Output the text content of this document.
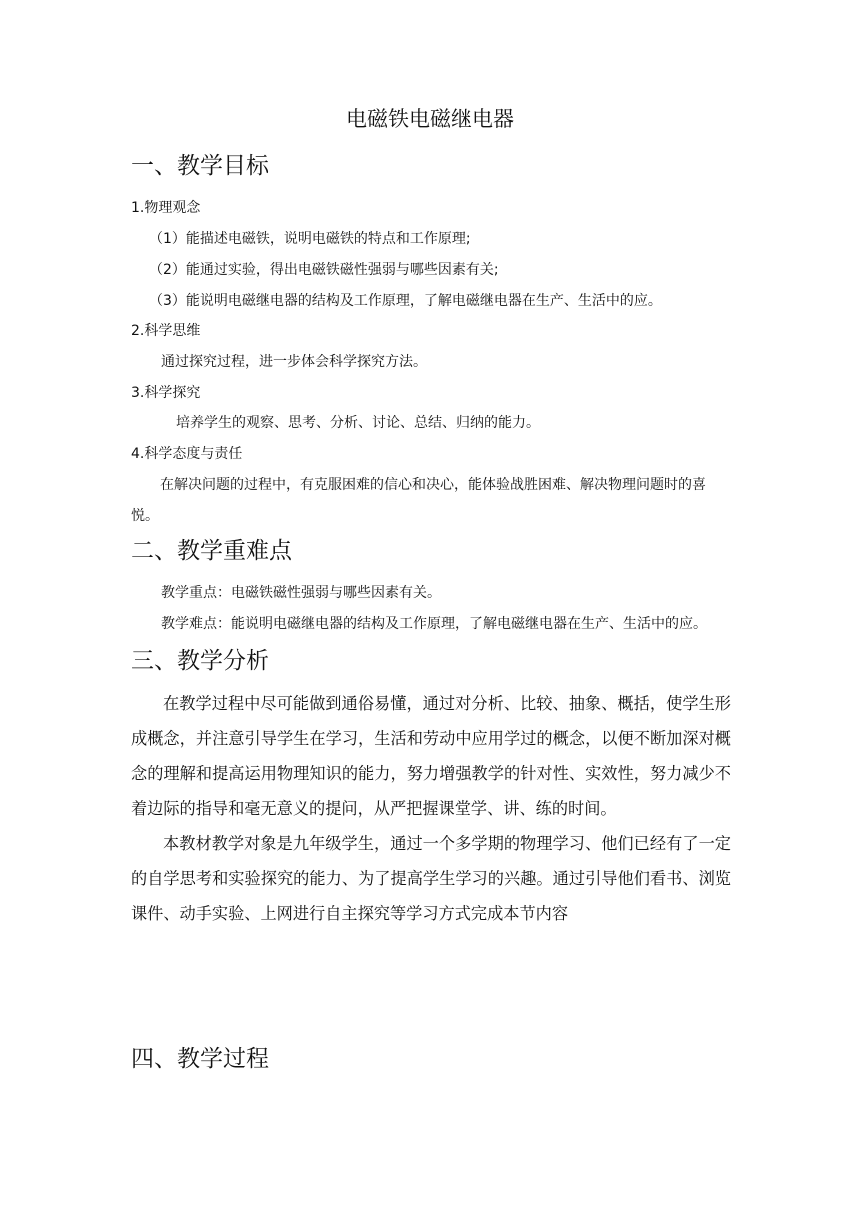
电磁铁电磁继电器
一、教学目标
1.物理观念
（1）能描述电磁铁，说明电磁铁的特点和工作原理;
（2）能通过实验，得出电磁铁磁性强弱与哪些因素有关;
（3）能说明电磁继电器的结构及工作原理，了解电磁继电器在生产、生活中的应。
2.科学思维
通过探究过程，进一步体会科学探究方法。
3.科学探究
培养学生的观察、思考、分析、讨论、总结、归纳的能力。
4.科学态度与责任
在解决问题的过程中，有克服困难的信心和决心，能体验战胜困难、解决物理问题时的喜悦。
二、教学重难点
教学重点：电磁铁磁性强弱与哪些因素有关。
教学难点：能说明电磁继电器的结构及工作原理，了解电磁继电器在生产、生活中的应。
三、教学分析
在教学过程中尽可能做到通俗易懂，通过对分析、比较、抽象、概括，使学生形成概念，并注意引导学生在学习，生活和劳动中应用学过的概念，以便不断加深对概念的理解和提高运用物理知识的能力，努力增强教学的针对性、实效性，努力减少不着边际的指导和毫无意义的提问，从严把握课堂学、讲、练的时间。
本教材教学对象是九年级学生，通过一个多学期的物理学习、他们已经有了一定的自学思考和实验探究的能力、为了提高学生学习的兴趣。通过引导他们看书、浏览课件、动手实验、上网进行自主探究等学习方式完成本节内容
四、教学过程
